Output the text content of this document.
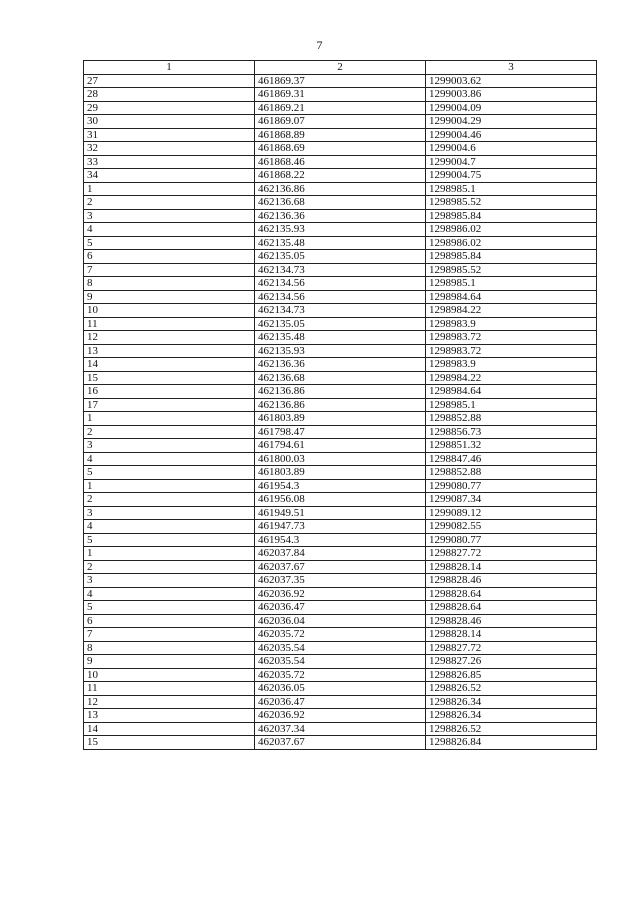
7
1	2	3
27	461869.37	1299003.62
28	461869.31	1299003.86
29	461869.21	1299004.09
30	461869.07	1299004.29
31	461868.89	1299004.46
32	461868.69	1299004.6
33	461868.46	1299004.7
34	461868.22	1299004.75
1	462136.86	1298985.1
2	462136.68	1298985.52
3	462136.36	1298985.84
4	462135.93	1298986.02
5	462135.48	1298986.02
6	462135.05	1298985.84
7	462134.73	1298985.52
8	462134.56	1298985.1
9	462134.56	1298984.64
10	462134.73	1298984.22
11	462135.05	1298983.9
12	462135.48	1298983.72
13	462135.93	1298983.72
14	462136.36	1298983.9
15	462136.68	1298984.22
16	462136.86	1298984.64
17	462136.86	1298985.1
1	461803.89	1298852.88
2	461798.47	1298856.73
3	461794.61	1298851.32
4	461800.03	1298847.46
5	461803.89	1298852.88
1	461954.3	1299080.77
2	461956.08	1299087.34
3	461949.51	1299089.12
4	461947.73	1299082.55
5	461954.3	1299080.77
1	462037.84	1298827.72
2	462037.67	1298828.14
3	462037.35	1298828.46
4	462036.92	1298828.64
5	462036.47	1298828.64
6	462036.04	1298828.46
7	462035.72	1298828.14
8	462035.54	1298827.72
9	462035.54	1298827.26
10	462035.72	1298826.85
11	462036.05	1298826.52
12	462036.47	1298826.34
13	462036.92	1298826.34
14	462037.34	1298826.52
15	462037.67	1298826.84
